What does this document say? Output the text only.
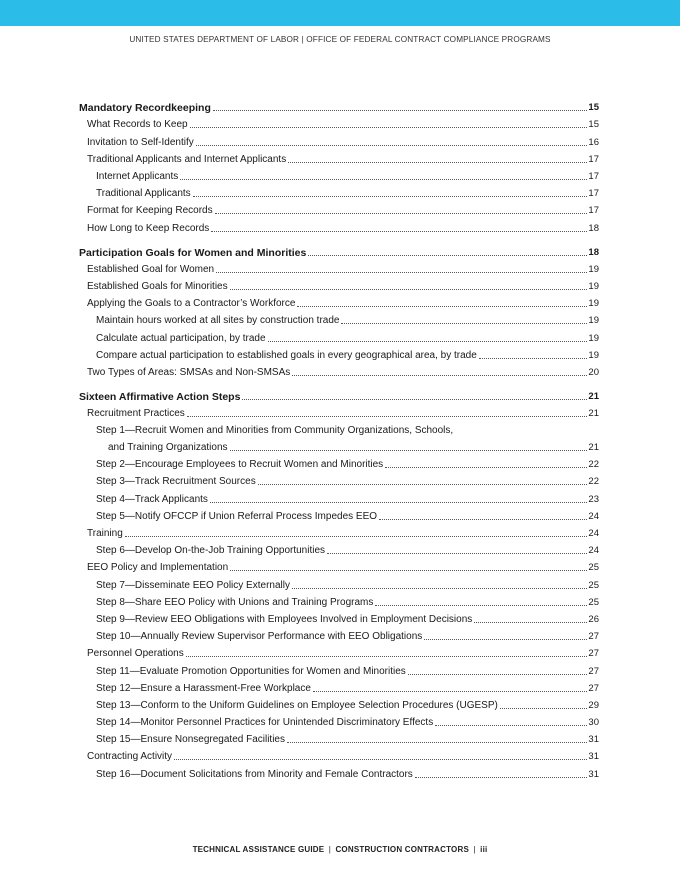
UNITED STATES DEPARTMENT OF LABOR | OFFICE OF FEDERAL CONTRACT COMPLIANCE PROGRAMS
Mandatory Recordkeeping	15
What Records to Keep	15
Invitation to Self-Identify	16
Traditional Applicants and Internet Applicants	17
Internet Applicants	17
Traditional Applicants	17
Format for Keeping Records	17
How Long to Keep Records	18
Participation Goals for Women and Minorities	18
Established Goal for Women	19
Established Goals for Minorities	19
Applying the Goals to a Contractor’s Workforce	19
Maintain hours worked at all sites by construction trade	19
Calculate actual participation, by trade	19
Compare actual participation to established goals in every geographical area, by trade	19
Two Types of Areas: SMSAs and Non-SMSAs	20
Sixteen Affirmative Action Steps	21
Recruitment Practices	21
Step 1—Recruit Women and Minorities from Community Organizations, Schools,
and Training Organizations	21
Step 2—Encourage Employees to Recruit Women and Minorities	22
Step 3—Track Recruitment Sources	22
Step 4—Track Applicants	23
Step 5—Notify OFCCP if Union Referral Process Impedes EEO	24
Training	24
Step 6—Develop On-the-Job Training Opportunities	24
EEO Policy and Implementation	25
Step 7—Disseminate EEO Policy Externally	25
Step 8—Share EEO Policy with Unions and Training Programs	25
Step 9—Review EEO Obligations with Employees Involved in Employment Decisions	26
Step 10—Annually Review Supervisor Performance with EEO Obligations	27
Personnel Operations	27
Step 11—Evaluate Promotion Opportunities for Women and Minorities	27
Step 12—Ensure a Harassment-Free Workplace	27
Step 13—Conform to the Uniform Guidelines on Employee Selection Procedures (UGESP)	29
Step 14—Monitor Personnel Practices for Unintended Discriminatory Effects	30
Step 15—Ensure Nonsegregated Facilities	31
Contracting Activity	31
Step 16—Document Solicitations from Minority and Female Contractors	31
TECHNICAL ASSISTANCE GUIDE | CONSTRUCTION CONTRACTORS | iii
